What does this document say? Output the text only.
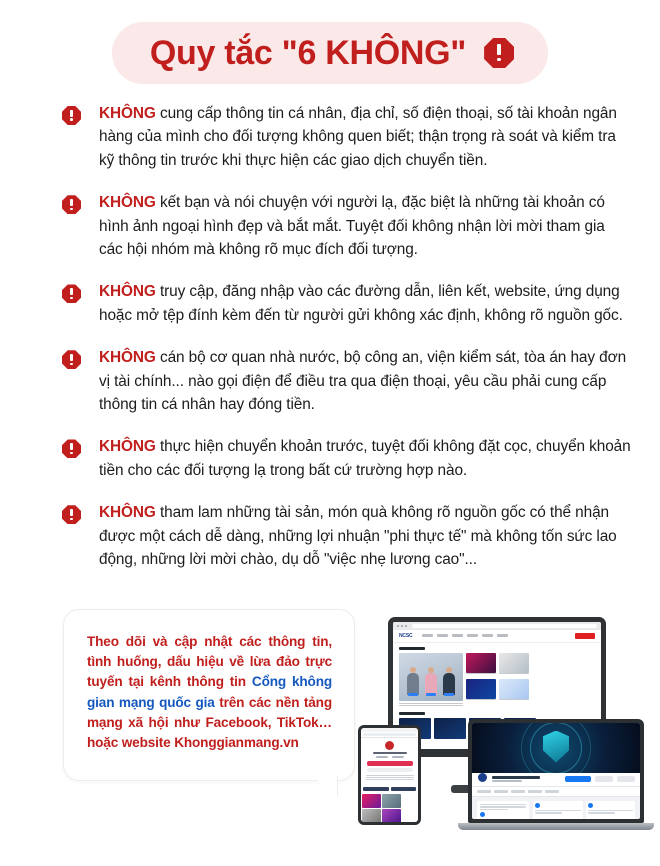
Quy tắc "6 KHÔNG"

KHÔNG cung cấp thông tin cá nhân, địa chỉ, số điện thoại, số tài khoản ngân hàng của mình cho đối tượng không quen biết; thận trọng rà soát và kiểm tra kỹ thông tin trước khi thực hiện các giao dịch chuyển tiền.

KHÔNG kết bạn và nói chuyện với người lạ, đặc biệt là những tài khoản có hình ảnh ngoại hình đẹp và bắt mắt. Tuyệt đối không nhận lời mời tham gia các hội nhóm mà không rõ mục đích đối tượng.

KHÔNG truy cập, đăng nhập vào các đường dẫn, liên kết, website, ứng dụng hoặc mở tệp đính kèm đến từ người gửi không xác định, không rõ nguồn gốc.

KHÔNG cán bộ cơ quan nhà nước, bộ công an, viện kiểm sát, tòa án hay đơn vị tài chính... nào gọi điện để điều tra qua điện thoại, yêu cầu phải cung cấp thông tin cá nhân hay đóng tiền.

KHÔNG thực hiện chuyển khoản trước, tuyệt đối không đặt cọc, chuyển khoản tiền cho các đối tượng lạ trong bất cứ trường hợp nào.

KHÔNG tham lam những tài sản, món quà không rõ nguồn gốc có thể nhận được một cách dễ dàng, những lợi nhuận "phi thực tế" mà không tốn sức lao động, những lời mời chào, dụ dỗ "việc nhẹ lương cao"...

Theo dõi và cập nhật các thông tin, tình huống, dấu hiệu về lừa đảo trực tuyến tại kênh thông tin Cổng không gian mạng quốc gia trên các nền tảng mạng xã hội như Facebook, TikTok… hoặc website Khonggianmang.vn

NCSC
